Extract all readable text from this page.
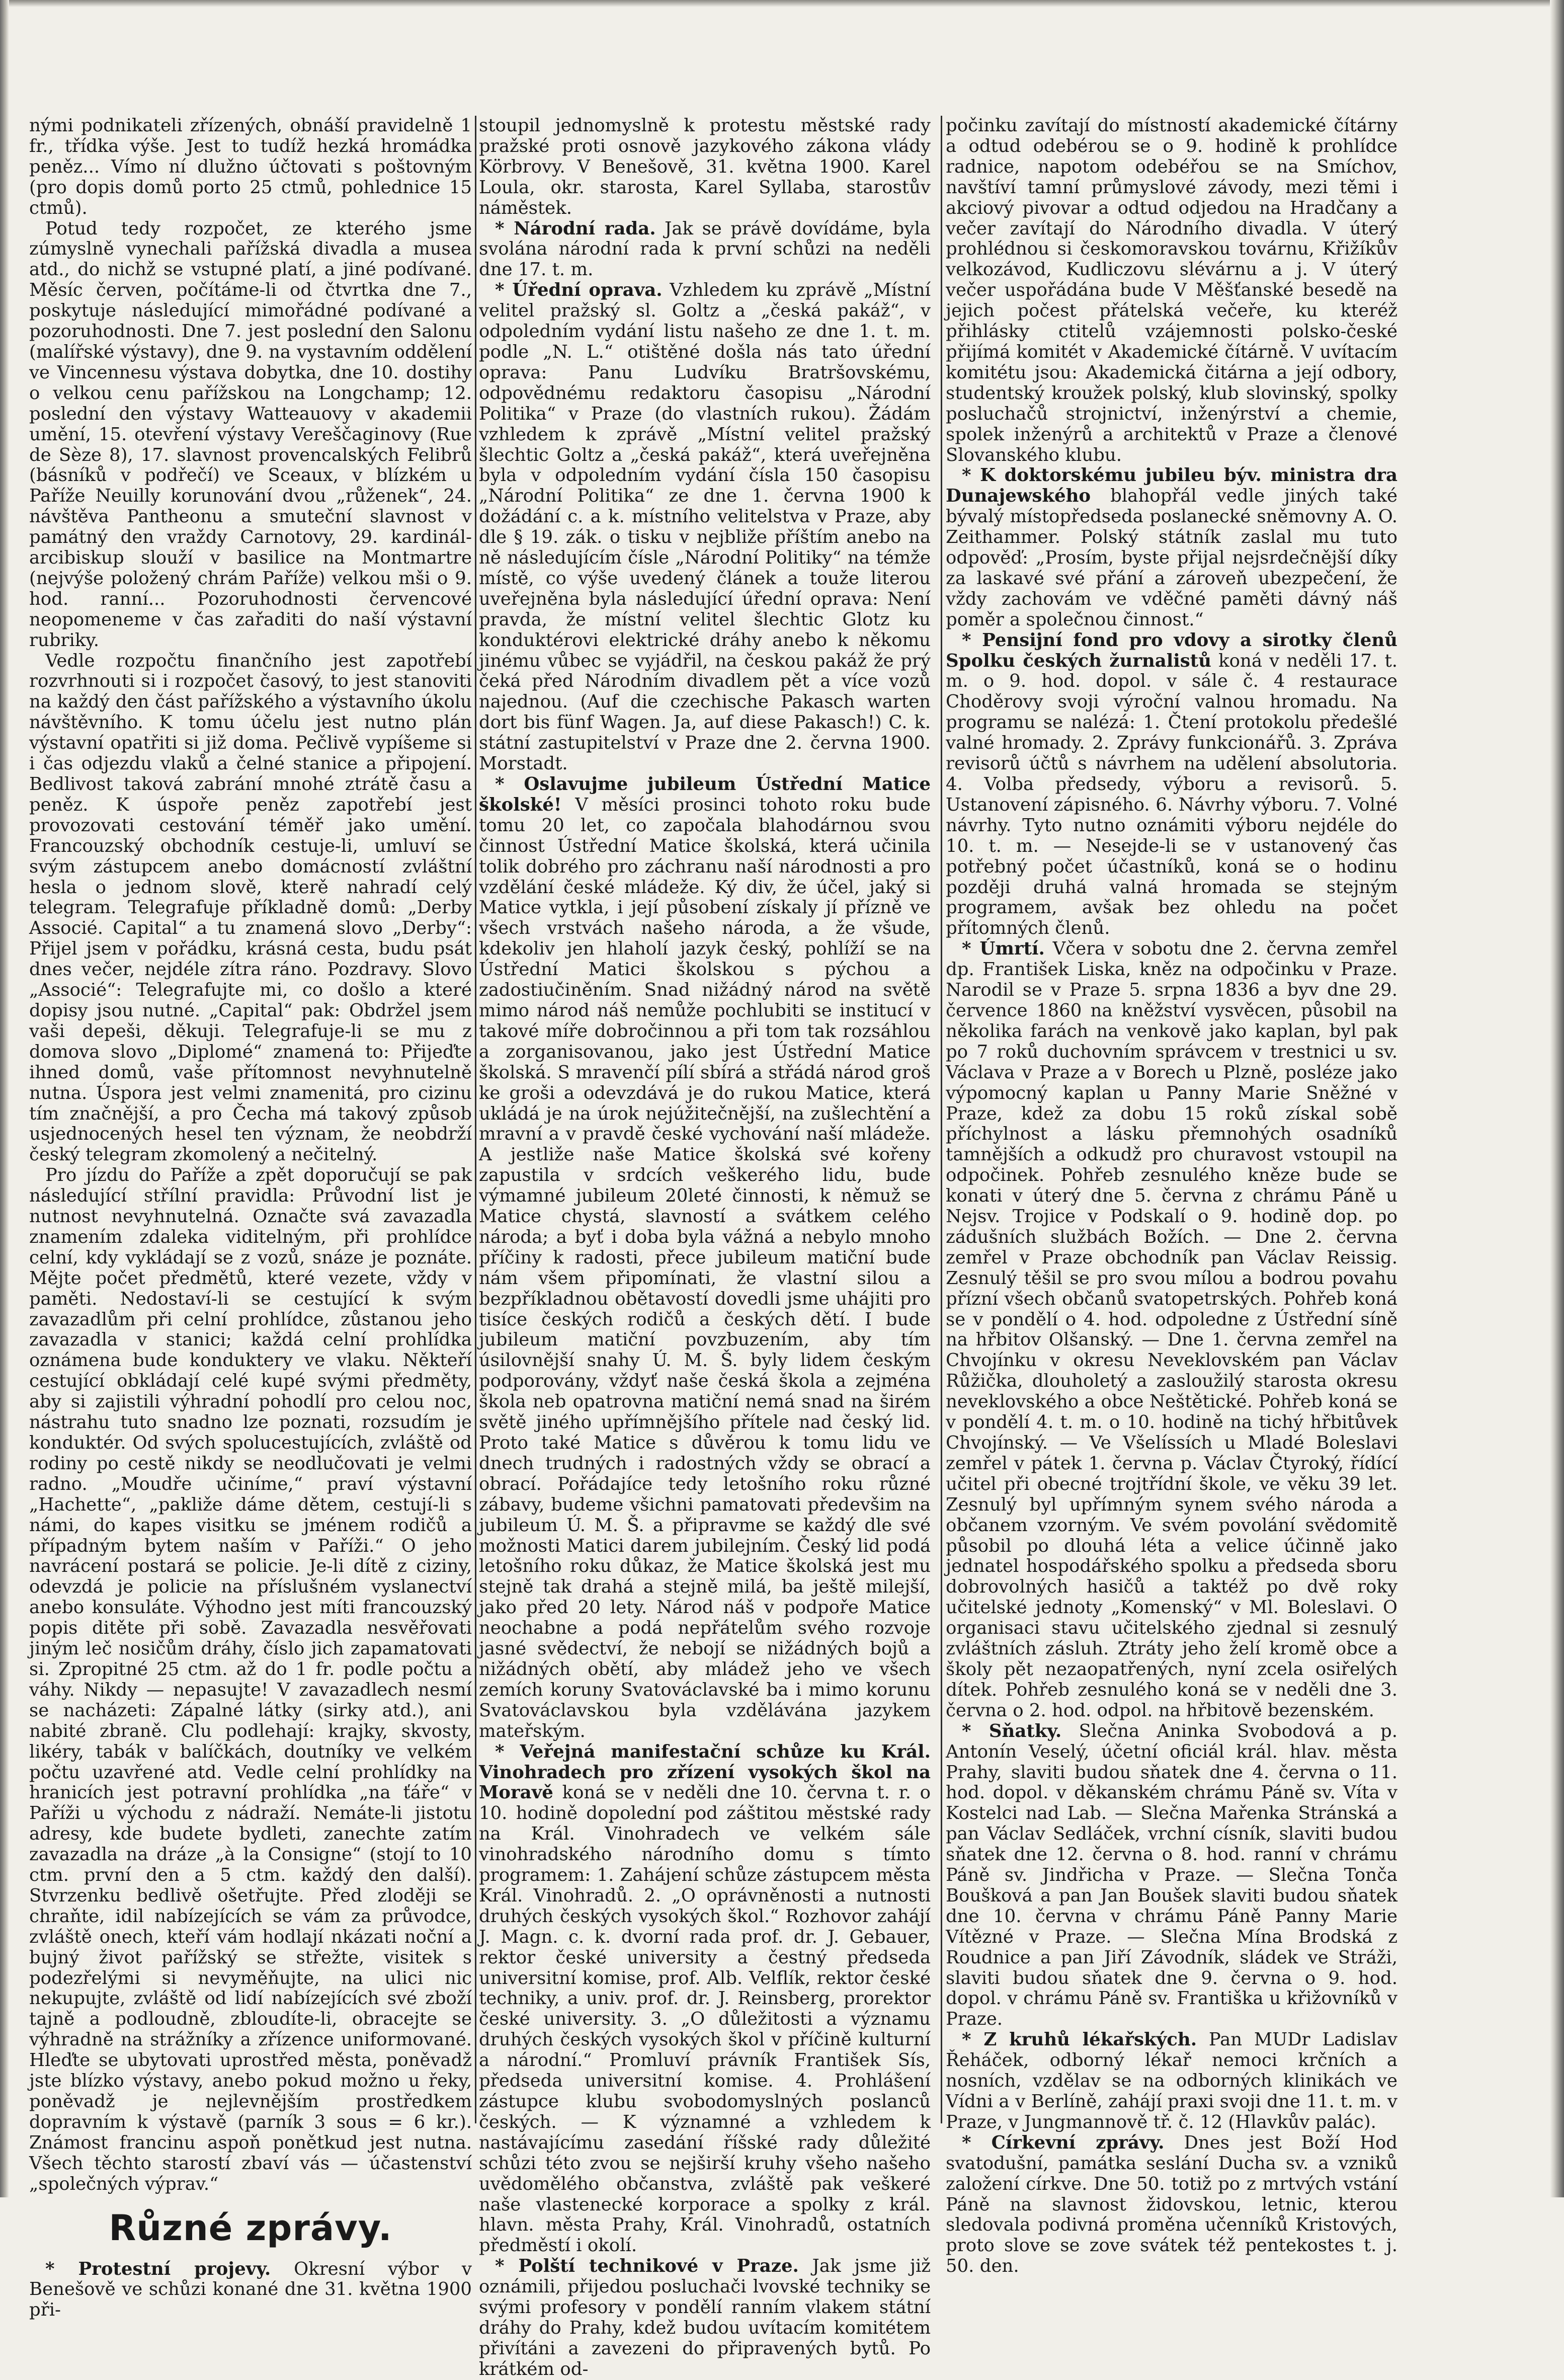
nými podnikateli zřízených, obnáší pravidelně 1 fr., třídka výše. Jest to tudíž hezká hromádka peněz... Vímo ní dlužno účtovati s poštovným (pro dopis domů porto 25 ctmů, pohlednice 15 ctmů).

Potud tedy rozpočet, ze kterého jsme zúmyslně vynechali pařížská divadla a musea atd., do nichž se vstupné platí, a jiné podívané. Měsíc červen, počítáme-li od čtvrtka dne 7., poskytuje následující mimořádné podívané a pozoruhodnosti. Dne 7. jest poslední den Salonu (malířské výstavy), dne 9. na vystavním oddělení ve Vincennesu výstava dobytka, dne 10. dostihy o velkou cenu pařížskou na Longchamp; 12. poslední den výstavy Watteauovy v akademii umění, 15. otevření výstavy Vereščaginovy (Rue de Sèze 8), 17. slavnost provencalských Felibrů (básníků v podřečí) ve Sceaux, v blízkém u Paříže Neuilly korunování dvou „růženek“, 24. návštěva Pantheonu a smuteční slavnost v památný den vraždy Carnotovy, 29. kardinál-arcibiskup slouží v basilice na Montmartre (nejvýše položený chrám Paříže) velkou mši o 9. hod. ranní... Pozoruhodnosti červencové neopomeneme v čas zařaditi do naší výstavní rubriky.

Vedle rozpočtu finančního jest zapotřebí rozvrhnouti si i rozpočet časový, to jest stanoviti na každý den část pařížského a výstavního úkolu návštěvního. K tomu účelu jest nutno plán výstavní opatřiti si již doma. Pečlivě vypíšeme si i čas odjezdu vlaků a čelné stanice a připojení. Bedlivost taková zabrání mnohé ztrátě času a peněz. K úspoře peněz zapotřebí jest provozovati cestování téměř jako umění. Francouzský obchodník cestuje-li, umluví se svým zástupcem anebo domácností zvláštní hesla o jednom slově, kterě nahradí celý telegram. Telegrafuje příkladně domů: „Derby Associé. Capital“ a tu znamená slovo „Derby“: Přijel jsem v pořádku, krásná cesta, budu psát dnes večer, nejdéle zítra ráno. Pozdravy. Slovo „Associé“: Telegrafujte mi, co došlo a které dopisy jsou nutné. „Capital“ pak: Obdržel jsem vaši depeši, děkuji. Telegrafuje-li se mu z domova slovo „Diplomé“ znamená to: Přijeďte ihned domů, vaše přítomnost nevyhnutelně nutna. Úspora jest velmi znamenitá, pro cizinu tím značnější, a pro Čecha má takový způsob usjednocených hesel ten význam, že neobdrží český telegram zkomolený a nečitelný.

Pro jízdu do Paříže a zpět doporučují se pak následující střílní pravidla: Průvodní list je nutnost nevyhnutelná. Označte svá zavazadla znamením zdaleka viditelným, při prohlídce celní, kdy vykládají se z vozů, snáze je poznáte. Mějte počet předmětů, které vezete, vždy v paměti. Nedostaví-li se cestující k svým zavazadlům při celní prohlídce, zůstanou jeho zavazadla v stanici; každá celní prohlídka oznámena bude konduktery ve vlaku. Někteří cestující obkládají celé kupé svými předměty, aby si zajistili výhradní pohodlí pro celou noc, nástrahu tuto snadno lze poznati, rozsudím je konduktér. Od svých spolucestujících, zvláště od rodiny po cestě nikdy se neodlučovati je velmi radno. „Moudře učiníme,“ praví výstavní „Hachette“, „pakliže dáme dětem, cestují-li s námi, do kapes visitku se jménem rodičů a případným bytem naším v Paříži.“ O jeho navrácení postará se policie. Je-li dítě z ciziny, odevzdá je policie na příslušném vyslanectví anebo konsuláte. Výhodno jest míti francouzský popis ditěte při sobě. Zavazadla nesvěřovati jiným leč nosičům dráhy, číslo jich zapamatovati si. Zpropitné 25 ctm. až do 1 fr. podle počtu a váhy. Nikdy — nepasujte! V zavazadlech nesmí se nacházeti: Zápalné látky (sirky atd.), ani nabité zbraně. Clu podlehají: krajky, skvosty, likéry, tabák v balíčkách, doutníky ve velkém počtu uzavřené atd. Vedle celní prohlídky na hranicích jest potravní prohlídka „na ťáře“ v Paříži u východu z nádraží. Nemáte-li jistotu adresy, kde budete bydleti, zanechte zatím zavazadla na dráze „à la Consigne“ (stojí to 10 ctm. první den a 5 ctm. každý den další). Stvrzenku bedlivě ošetřujte. Před zloději se chraňte, idil nabízejících se vám za průvodce, zvláště onech, kteří vám hodlají nkázati noční a bujný život pařížský se střežte, visitek s podezřelými si nevyměňujte, na ulici nic nekupujte, zvláště od lidí nabízejících své zboží tajně a podloudně, zbloudíte-li, obracejte se výhradně na strážníky a zřízence uniformované. Hleďte se ubytovati uprostřed města, poněvadž jste blízko výstavy, anebo pokud možno u řeky, poněvadž je nejlevnějším prostředkem dopravním k výstavě (parník 3 sous = 6 kr.). Známost francinu aspoň ponětkud jest nutna. Všech těchto starostí zbaví vás — účastenství „společných výprav.“

Různé zprávy.

* Protestní projevy. Okresní výbor v Benešově ve schůzi konané dne 31. května 1900 při-

stoupil jednomyslně k protestu městské rady pražské proti osnově jazykového zákona vlády Körbrovy. V Benešově, 31. května 1900. Karel Loula, okr. starosta, Karel Syllaba, starostův náměstek.

* Národní rada. Jak se právě dovídáme, byla svolána národní rada k první schůzi na neděli dne 17. t. m.

* Úřední oprava. Vzhledem ku zprávě „Místní velitel pražský sl. Goltz a „česká pakáž“, v odpoledním vydání listu našeho ze dne 1. t. m. podle „N. L.“ otištěné došla nás tato úřední oprava: Panu Ludvíku Bratršovskému, odpovědnému redaktoru časopisu „Národní Politika“ v Praze (do vlastních rukou). Žádám vzhledem k zprávě „Místní velitel pražský šlechtic Goltz a „česká pakáž“, která uveřejněna byla v odpoledním vydání čísla 150 časopisu „Národní Politika“ ze dne 1. června 1900 k dožádání c. a k. místního velitelstva v Praze, aby dle § 19. zák. o tisku v nejbliže příštím anebo na ně následujícím čísle „Národní Politiky“ na témže místě, co výše uvedený článek a touže literou uveřejněna byla následující úřední oprava: Není pravda, že místní velitel šlechtic Glotz ku konduktérovi elektrické dráhy anebo k někomu jinému vůbec se vyjádřil, na českou pakáž že prý čeká před Národním divadlem pět a více vozů najednou. (Auf die czechische Pakasch warten dort bis fünf Wagen. Ja, auf diese Pakasch!) C. k. státní zastupitelství v Praze dne 2. června 1900. Morstadt.

* Oslavujme jubileum Ústřední Matice školské! V měsíci prosinci tohoto roku bude tomu 20 let, co započala blahodárnou svou činnost Ústřední Matice školská, která učinila tolik dobrého pro záchranu naší národnosti a pro vzdělání české mládeže. Ký div, že účel, jaký si Matice vytkla, i její působení získaly jí přízně ve všech vrstvách našeho národa, a že všude, kdekoliv jen hlaholí jazyk český, pohlíží se na Ústřední Matici školskou s pýchou a zadostiučiněním. Snad nižádný národ na světě mimo národ náš nemůže pochlubiti se institucí v takové míře dobročinnou a při tom tak rozsáhlou a zorganisovanou, jako jest Ústřední Matice školská. S mravenčí pílí sbírá a střádá národ groš ke groši a odevzdává je do rukou Matice, která ukládá je na úrok nejúžitečnější, na zušlechtění a mravní a v pravdě české vychování naší mládeže. A jestliže naše Matice školská své kořeny zapustila v srdcích veškerého lidu, bude výmamné jubileum 20leté činnosti, k němuž se Matice chystá, slavností a svátkem celého národa; a byť i doba byla vážná a nebylo mnoho příčiny k radosti, přece jubileum matiční bude nám všem připomínati, že vlastní silou a bezpříkladnou obětavostí dovedli jsme uhájiti pro tisíce českých rodičů a českých dětí. I bude jubileum matiční povzbuzením, aby tím úsilovnější snahy Ú. M. Š. byly lidem českým podporovány, vždyť naše česká škola a zejména škola neb opatrovna matiční nemá snad na širém světě jiného upřímnějšího přítele nad český lid. Proto také Matice s důvěrou k tomu lidu ve dnech trudných i radostných vždy se obrací a obrací. Pořádajíce tedy letošního roku různé zábavy, budeme všichni pamatovati předevšim na jubileum Ú. M. Š. a připravme se každý dle své možnosti Matici darem jubilejním. Český lid podá letošního roku důkaz, že Matice školská jest mu stejně tak drahá a stejně milá, ba ještě milejší, jako před 20 lety. Národ náš v podpoře Matice neochabne a podá nepřátelům svého rozvoje jasné svědectví, že nebojí se nižádných bojů a nižádných obětí, aby mládež jeho ve všech zemích koruny Svatováclavské ba i mimo korunu Svatováclavskou byla vzdělávána jazykem mateřským.

* Veřejná manifestační schůze ku Král. Vinohradech pro zřízení vysokých škol na Moravě koná se v neděli dne 10. června t. r. o 10. hodině dopolední pod záštitou městské rady na Král. Vinohradech ve velkém sále vinohradského národního domu s tímto programem: 1. Zahájení schůze zástupcem města Král. Vinohradů. 2. „O oprávněnosti a nutnosti druhých českých vysokých škol.“ Rozhovor zahájí J. Magn. c. k. dvorní rada prof. dr. J. Gebauer, rektor české university a čestný předseda universitní komise, prof. Alb. Velflík, rektor české techniky, a univ. prof. dr. J. Reinsberg, prorektor české university. 3. „O důležitosti a významu druhých českých vysokých škol v příčině kulturní a národní.“ Promluví právník František Sís, předseda universitní komise. 4. Prohlášení zástupce klubu svobodomyslných poslanců českých. — K významné a vzhledem k nastávajícímu zasedání říšské rady důležité schůzi této zvou se nejširší kruhy všeho našeho uvědomělého občanstva, zvláště pak veškeré naše vlastenecké korporace a spolky z král. hlavn. města Prahy, Král. Vinohradů, ostatních předměstí i okolí.

* Polští technikové v Praze. Jak jsme již oznámili, přijedou posluchači lvovské techniky se svými profesory v pondělí ranním vlakem státní dráhy do Prahy, kdež budou uvítacím komitétem přivítáni a zavezeni do připravených bytů. Po krátkém od-

počinku zavítají do místností akademické čítárny a odtud odebérou se o 9. hodině k prohlídce radnice, napotom odebéřou se na Smíchov, navštíví tamní průmyslové závody, mezi těmi i akciový pivovar a odtud odjedou na Hradčany a večer zavítají do Národního divadla. V úterý prohlédnou si českomoravskou továrnu, Křižíkův velkozávod, Kudliczovu slévárnu a j. V úterý večer uspořádána bude V Měšťanské besedě na jejich počest přátelská večeře, ku kteréž přihlásky ctitelů vzájemnosti polsko-české přijímá komitét v Akademické čítárně. V uvítacím komitétu jsou: Akademická čitárna a její odbory, studentský kroužek polský, klub slovinský, spolky posluchačů strojnictví, inženýrství a chemie, spolek inženýrů a architektů v Praze a členové Slovanského klubu.

* K doktorskému jubileu býv. ministra dra Dunajewského blahopřál vedle jiných také bývalý místopředseda poslanecké sněmovny A. O. Zeithammer. Polský státník zaslal mu tuto odpověď: „Prosím, byste přijal nejsrdečnější díky za laskavé své přání a zároveň ubezpečení, že vždy zachovám ve vděčné paměti dávný náš poměr a společnou činnost.“

* Pensijní fond pro vdovy a sirotky členů Spolku českých žurnalistů koná v neděli 17. t. m. o 9. hod. dopol. v sále č. 4 restaurace Choděrovy svoji výroční valnou hromadu. Na programu se nalézá: 1. Čtení protokolu předešlé valné hromady. 2. Zprávy funkcionářů. 3. Zpráva revisorů účtů s návrhem na udělení absolutoria. 4. Volba předsedy, výboru a revisorů. 5. Ustanovení zápisného. 6. Návrhy výboru. 7. Volné návrhy. Tyto nutno oznámiti výboru nejdéle do 10. t. m. — Nesejde-li se v ustanovený čas potřebný počet účastníků, koná se o hodinu později druhá valná hromada se stejným programem, avšak bez ohledu na počet přítomných členů.

* Úmrtí. Včera v sobotu dne 2. června zemřel dp. František Liska, kněz na odpočinku v Praze. Narodil se v Praze 5. srpna 1836 a byv dne 29. července 1860 na kněžství vysvěcen, působil na několika farách na venkově jako kaplan, byl pak po 7 roků duchovním správcem v trestnici u sv. Václava v Praze a v Borech u Plzně, posléze jako výpomocný kaplan u Panny Marie Sněžné v Praze, kdež za dobu 15 roků získal sobě příchylnost a lásku přemnohých osadníků tamnějších a odkudž pro churavost vstoupil na odpočinek. Pohřeb zesnulého kněze bude se konati v úterý dne 5. června z chrámu Páně u Nejsv. Trojice v Podskalí o 9. hodině dop. po zádušních službách Božích. — Dne 2. června zemřel v Praze obchodník pan Václav Reissig. Zesnulý těšil se pro svou mílou a bodrou povahu přízní všech občanů svatopetrských. Pohřeb koná se v pondělí o 4. hod. odpoledne z Ústřední síně na hřbitov Olšanský. — Dne 1. června zemřel na Chvojínku v okresu Neveklovském pan Václav Růžička, dlouholetý a zasloužilý starosta okresu neveklovského a obce Neštětické. Pohřeb koná se v pondělí 4. t. m. o 10. hodině na tichý hřbitůvek Chvojínský. — Ve Všelíssích u Mladé Boleslavi zemřel v pátek 1. června p. Václav Čtyroký, řídící učitel při obecné trojtřídní škole, ve věku 39 let. Zesnulý byl upřímným synem svého národa a občanem vzorným. Ve svém povolání svědomitě působil po dlouhá léta a velice účinně jako jednatel hospodářského spolku a předseda sboru dobrovolných hasičů a taktéž po dvě roky učitelské jednoty „Komenský“ v Ml. Boleslavi. O organisaci stavu učitelského zjednal si zesnulý zvláštních zásluh. Ztráty jeho želí kromě obce a školy pět nezaopatřených, nyní zcela osiřelých dítek. Pohřeb zesnulého koná se v neděli dne 3. června o 2. hod. odpol. na hřbitově bezenském.

* Sňatky. Slečna Aninka Svobodová a p. Antonín Veselý, účetní oficiál král. hlav. města Prahy, slaviti budou sňatek dne 4. června o 11. hod. dopol. v děkanském chrámu Páně sv. Víta v Kostelci nad Lab. — Slečna Mařenka Stránská a pan Václav Sedláček, vrchní císník, slaviti budou sňatek dne 12. června o 8. hod. ranní v chrámu Páně sv. Jindřicha v Praze. — Slečna Tonča Boušková a pan Jan Boušek slaviti budou sňatek dne 10. června v chrámu Páně Panny Marie Vítězné v Praze. — Slečna Mína Brodská z Roudnice a pan Jiří Závodník, sládek ve Stráži, slaviti budou sňatek dne 9. června o 9. hod. dopol. v chrámu Páně sv. Františka u křižovníků v Praze.

* Z kruhů lékařských. Pan MUDr Ladislav Řeháček, odborný lékař nemoci krčních a nosních, vzdělav se na odborných klinikách ve Vídni a v Berlíně, zahájí praxi svoji dne 11. t. m. v Praze, v Jungmannově tř. č. 12 (Hlavkův palác).

* Církevní zprávy. Dnes jest Boží Hod svatodušní, památka seslání Ducha sv. a vzniků založení církve. Dne 50. totiž po z mrtvých vstání Páně na slavnost židovskou, letnic, kterou sledovala podivná proměna učenníků Kristových, proto slove se zove svátek též pentekostes t. j. 50. den.
